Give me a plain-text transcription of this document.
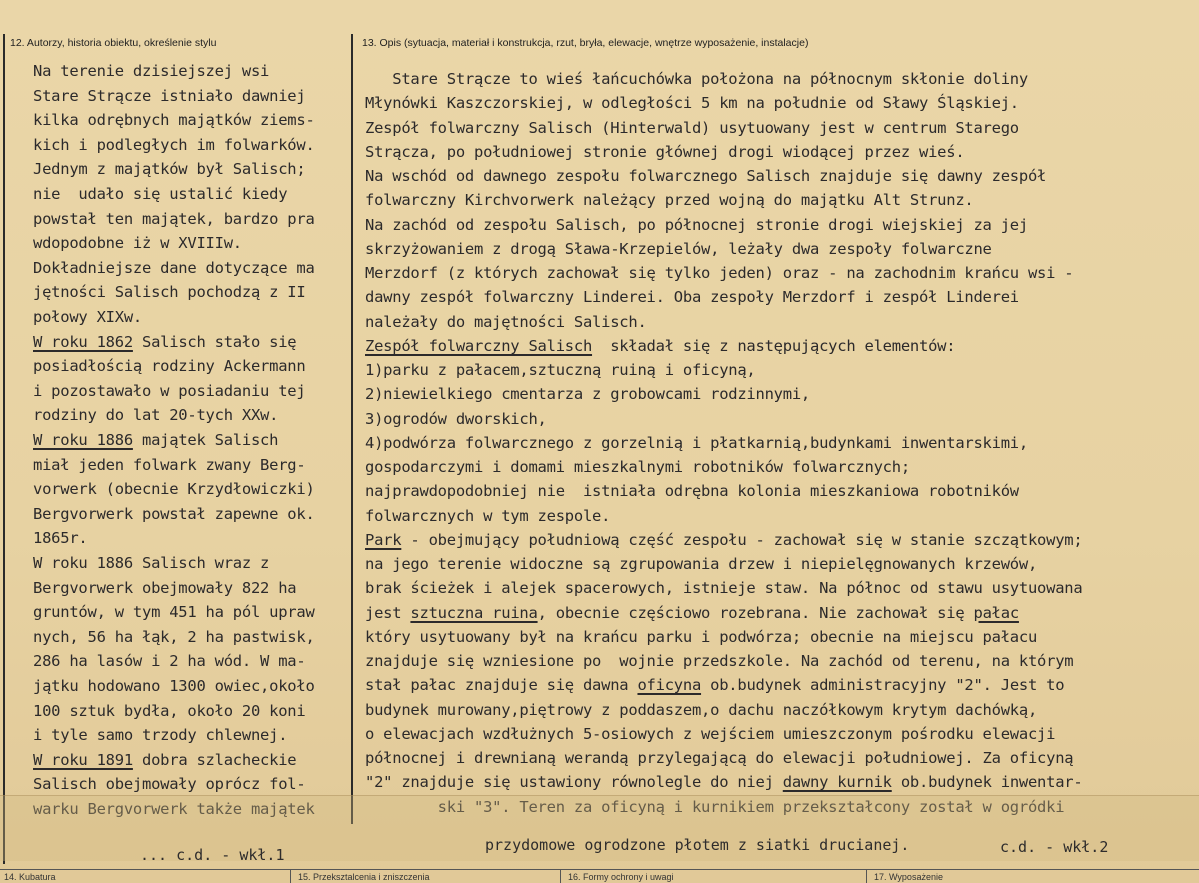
12. Autorzy, historia obiektu, określenie stylu	13. Opis (sytuacja, materiał i konstrukcja, rzut, bryła, elewacje, wnętrze wyposażenie, instalacje)
Na terenie dzisiejszej wsi
Stare Strącze istniało dawniej
kilka odrębnych majątków ziems-
kich i podległych im folwarków.
Jednym z majątków był Salisch;
nie  udało się ustalić kiedy
powstał ten majątek, bardzo pra
wdopodobne iż w XVIIIw.
Dokładniejsze dane dotyczące ma
jętności Salisch pochodzą z II
połowy XIXw.
W roku 1862 Salisch stało się
posiadłością rodziny Ackermann
i pozostawało w posiadaniu tej
rodziny do lat 20-tych XXw.
W roku 1886 majątek Salisch
miał jeden folwark zwany Berg-
vorwerk (obecnie Krzydłowiczki)
Bergvorwerk powstał zapewne ok.
1865r.
W roku 1886 Salisch wraz z
Bergvorwerk obejmowały 822 ha
gruntów, w tym 451 ha pól upraw
nych, 56 ha łąk, 2 ha pastwisk,
286 ha lasów i 2 ha wód. W ma-
jątku hodowano 1300 owiec,około
100 sztuk bydła, około 20 koni
i tyle samo trzody chlewnej.
W roku 1891 dobra szlacheckie
Salisch obejmowały oprócz fol-
warku Bergvorwerk także majątek
Stare Strącze to wieś łańcuchówka położona na północnym skłonie doliny
Młynówki Kaszczorskiej, w odległości 5 km na południe od Sławy Śląskiej.
Zespół folwarczny Salisch (Hinterwald) usytuowany jest w centrum Starego
Strącza, po południowej stronie głównej drogi wiodącej przez wieś.
Na wschód od dawnego zespołu folwarcznego Salisch znajduje się dawny zespół
folwarczny Kirchvorwerk należący przed wojną do majątku Alt Strunz.
Na zachód od zespołu Salisch, po północnej stronie drogi wiejskiej za jej
skrzyżowaniem z drogą Sława-Krzepielów, leżały dwa zespoły folwarczne
Merzdorf (z których zachował się tylko jeden) oraz - na zachodnim krańcu wsi -
dawny zespół folwarczny Linderei. Oba zespoły Merzdorf i zespół Linderei
należały do majętności Salisch.
Zespół folwarczny Salisch  składał się z następujących elementów:
1)parku z pałacem,sztuczną ruiną i oficyną,
2)niewielkiego cmentarza z grobowcami rodzinnymi,
3)ogrodów dworskich,
4)podwórza folwarcznego z gorzelnią i płatkarnią,budynkami inwentarskimi,
gospodarczymi i domami mieszkalnymi robotników folwarcznych;
najprawdopodobniej nie  istniała odrębna kolonia mieszkaniowa robotników
folwarcznych w tym zespole.
Park - obejmujący południową część zespołu - zachował się w stanie szczątkowym;
na jego terenie widoczne są zgrupowania drzew i niepielęgnowanych krzewów,
brak ścieżek i alejek spacerowych, istnieje staw. Na północ od stawu usytuowana
jest sztuczna ruina, obecnie częściowo rozebrana. Nie zachował się pałac
który usytuowany był na krańcu parku i podwórza; obecnie na miejscu pałacu
znajduje się wzniesione po  wojnie przedszkole. Na zachód od terenu, na którym
stał pałac znajduje się dawna oficyna ob.budynek administracyjny "2". Jest to
budynek murowany,piętrowy z poddaszem,o dachu naczółkowym krytym dachówką,
o elewacjach wzdłużnych 5-osiowych z wejściem umieszczonym pośrodku elewacji
północnej i drewnianą werandą przylegającą do elewacji południowej. Za oficyną
"2" znajduje się ustawiony równolegle do niej dawny kurnik ob.budynek inwentar-
ski "3". Teren za oficyną i kurnikiem przekształcony został w ogródki
... c.d. - wkł.1
przydomowe ogrodzone płotem z siatki drucianej.	c.d. - wkł.2
14. Kubatura	15. Przeksztalcenia i zniszczenia	16. Formy ochrony i uwagi	17. Wyposażenie
